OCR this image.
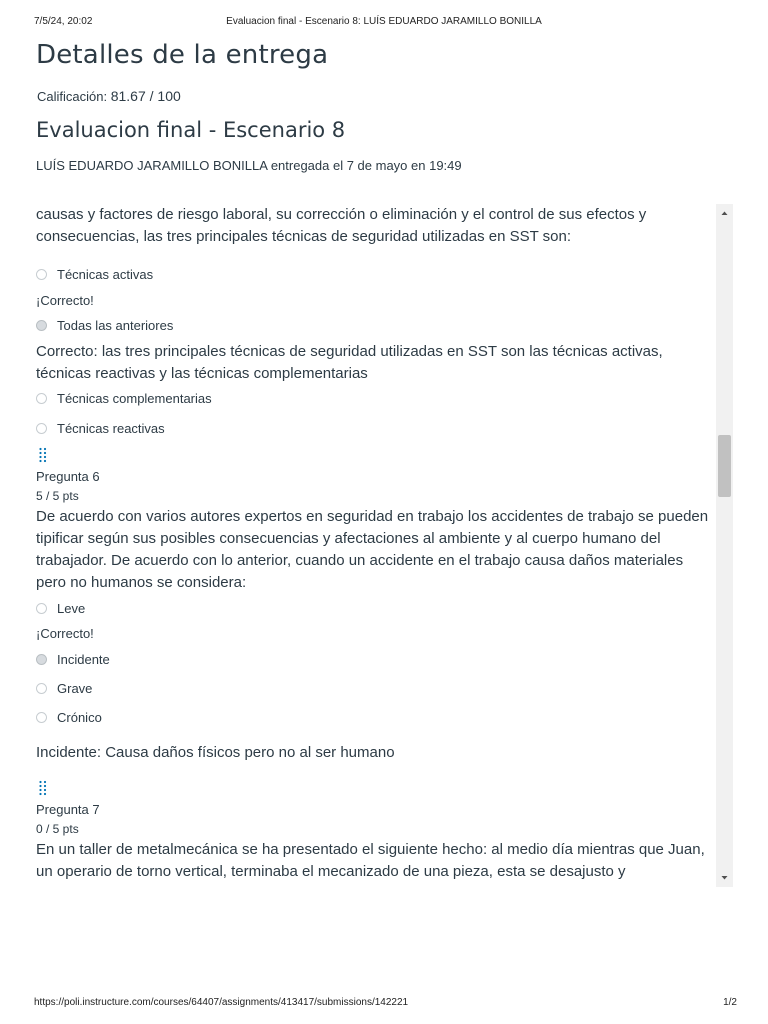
7/5/24, 20:02	Evaluacion final - Escenario 8: LUÍS EDUARDO JARAMILLO BONILLA
Detalles de la entrega
Calificación: 81.67 / 100
Evaluacion final - Escenario 8
LUÍS EDUARDO JARAMILLO BONILLA entregada el 7 de mayo en 19:49
causas y factores de riesgo laboral, su corrección o eliminación y el control de sus efectos y consecuencias, las tres principales técnicas de seguridad utilizadas en SST son:
Técnicas activas
¡Correcto!
Todas las anteriores
Correcto: las tres principales técnicas de seguridad utilizadas en SST son las técnicas activas, técnicas reactivas y las técnicas complementarias
Técnicas complementarias
Técnicas reactivas
Pregunta 6
5 / 5 pts
De acuerdo con varios autores expertos en seguridad en trabajo los accidentes de trabajo se pueden tipificar según sus posibles consecuencias y afectaciones al ambiente y al cuerpo humano del trabajador. De acuerdo con lo anterior, cuando un accidente en el trabajo causa daños materiales pero no humanos se considera:
Leve
¡Correcto!
Incidente
Grave
Crónico
Incidente: Causa daños físicos pero no al ser humano
Pregunta 7
0 / 5 pts
En un taller de metalmecánica se ha presentado el siguiente hecho: al medio día mientras que Juan, un operario de torno vertical, terminaba el mecanizado de una pieza, esta se desajusto y
https://poli.instructure.com/courses/64407/assignments/413417/submissions/142221	1/2
